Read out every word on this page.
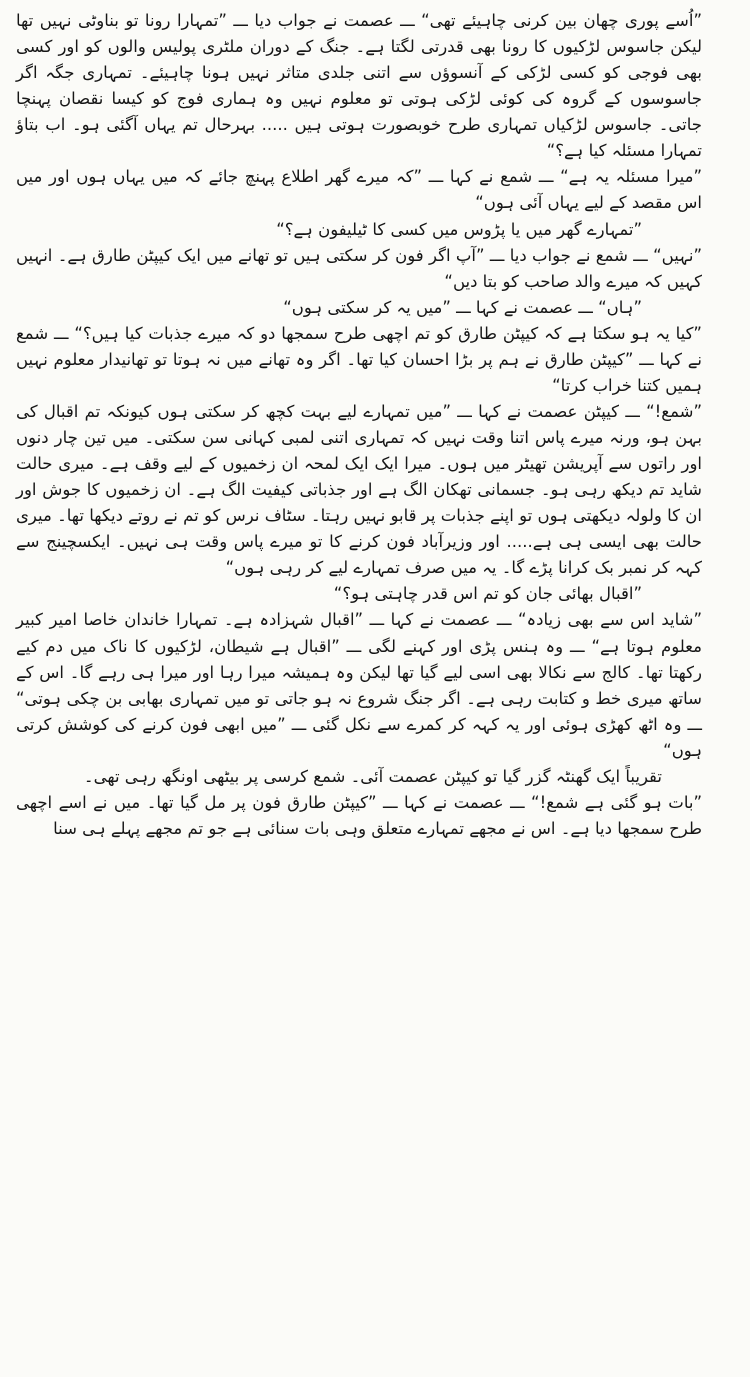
”اُسے پوری چھان بین کرنی چاہیئے تھی“ ـــ عصمت نے جواب دیا ـــ ”تمہارا رونا تو بناوٹی نہیں تھا لیکن جاسوس لڑکیوں کا رونا بھی قدرتی لگتا ہے۔ جنگ کے دوران ملٹری پولیس والوں کو اور کسی بھی فوجی کو کسی لڑکی کے آنسوؤں سے اتنی جلدی متاثر نہیں ہونا چاہیئے۔ تمہاری جگہ اگر جاسوسوں کے گروہ کی کوئی لڑکی ہوتی تو معلوم نہیں وہ ہماری فوج کو کیسا نقصان پہنچا جاتی۔ جاسوس لڑکیاں تمہاری طرح خوبصورت ہوتی ہیں ..... بہرحال تم یہاں آگئی ہو۔ اب بتاؤ تمہارا مسئلہ کیا ہے؟“

”میرا مسئلہ یہ ہے“ ـــ شمع نے کہا ـــ ”کہ میرے گھر اطلاع پہنچ جائے کہ میں یہاں ہوں اور میں اس مقصد کے لیے یہاں آئی ہوں“

”تمہارے گھر میں یا پڑوس میں کسی کا ٹیلیفون ہے؟“

”نہیں“ ـــ شمع نے جواب دیا ـــ ”آپ اگر فون کر سکتی ہیں تو تھانے میں ایک کیپٹن طارق ہے۔ انہیں کہیں کہ میرے والد صاحب کو بتا دیں“

”ہاں“ ـــ عصمت نے کہا ـــ ”میں یہ کر سکتی ہوں“

”کیا یہ ہو سکتا ہے کہ کیپٹن طارق کو تم اچھی طرح سمجھا دو کہ میرے جذبات کیا ہیں؟“ ـــ شمع نے کہا ـــ ”کیپٹن طارق نے ہم پر بڑا احسان کیا تھا۔ اگر وہ تھانے میں نہ ہوتا تو تھانیدار معلوم نہیں ہمیں کتنا خراب کرتا“

”شمع!“ ـــ کیپٹن عصمت نے کہا ـــ ”میں تمہارے لیے بہت کچھ کر سکتی ہوں کیونکہ تم اقبال کی بہن ہو، ورنہ میرے پاس اتنا وقت نہیں کہ تمہاری اتنی لمبی کہانی سن سکتی۔ میں تین چار دنوں اور راتوں سے آپریشن تھیٹر میں ہوں۔ میرا ایک ایک لمحہ ان زخمیوں کے لیے وقف ہے۔ میری حالت شاید تم دیکھ رہی ہو۔ جسمانی تھکان الگ ہے اور جذباتی کیفیت الگ ہے۔ ان زخمیوں کا جوش اور ان کا ولولہ دیکھتی ہوں تو اپنے جذبات پر قابو نہیں رہتا۔ سٹاف نرس کو تم نے روتے دیکھا تھا۔ میری حالت بھی ایسی ہی ہے..... اور وزیرآباد فون کرنے کا تو میرے پاس وقت ہی نہیں۔ ایکسچینج سے کہہ کر نمبر بک کرانا پڑے گا۔ یہ میں صرف تمہارے لیے کر رہی ہوں“

”اقبال بھائی جان کو تم اس قدر چاہتی ہو؟“

”شاید اس سے بھی زیادہ“ ـــ عصمت نے کہا ـــ ”اقبال شہزادہ ہے۔ تمہارا خاندان خاصا امیر کبیر معلوم ہوتا ہے“ ـــ وہ ہنس پڑی اور کہنے لگی ـــ ”اقبال ہے شیطان، لڑکیوں کا ناک میں دم کیے رکھتا تھا۔ کالج سے نکالا بھی اسی لیے گیا تھا لیکن وہ ہمیشہ میرا رہا اور میرا ہی رہے گا۔ اس کے ساتھ میری خط و کتابت رہی ہے۔ اگر جنگ شروع نہ ہو جاتی تو میں تمہاری بھابی بن چکی ہوتی“ ـــ وہ اٹھ کھڑی ہوئی اور یہ کہہ کر کمرے سے نکل گئی ـــ ”میں ابھی فون کرنے کی کوشش کرتی ہوں“

تقریباً ایک گھنٹہ گزر گیا تو کیپٹن عصمت آئی۔ شمع کرسی پر بیٹھی اونگھ رہی تھی۔

”بات ہو گئی ہے شمع!“ ـــ عصمت نے کہا ـــ ”کیپٹن طارق فون پر مل گیا تھا۔ میں نے اسے اچھی طرح سمجھا دیا ہے۔ اس نے مجھے تمہارے متعلق وہی بات سنائی ہے جو تم مجھے پہلے ہی سنا
